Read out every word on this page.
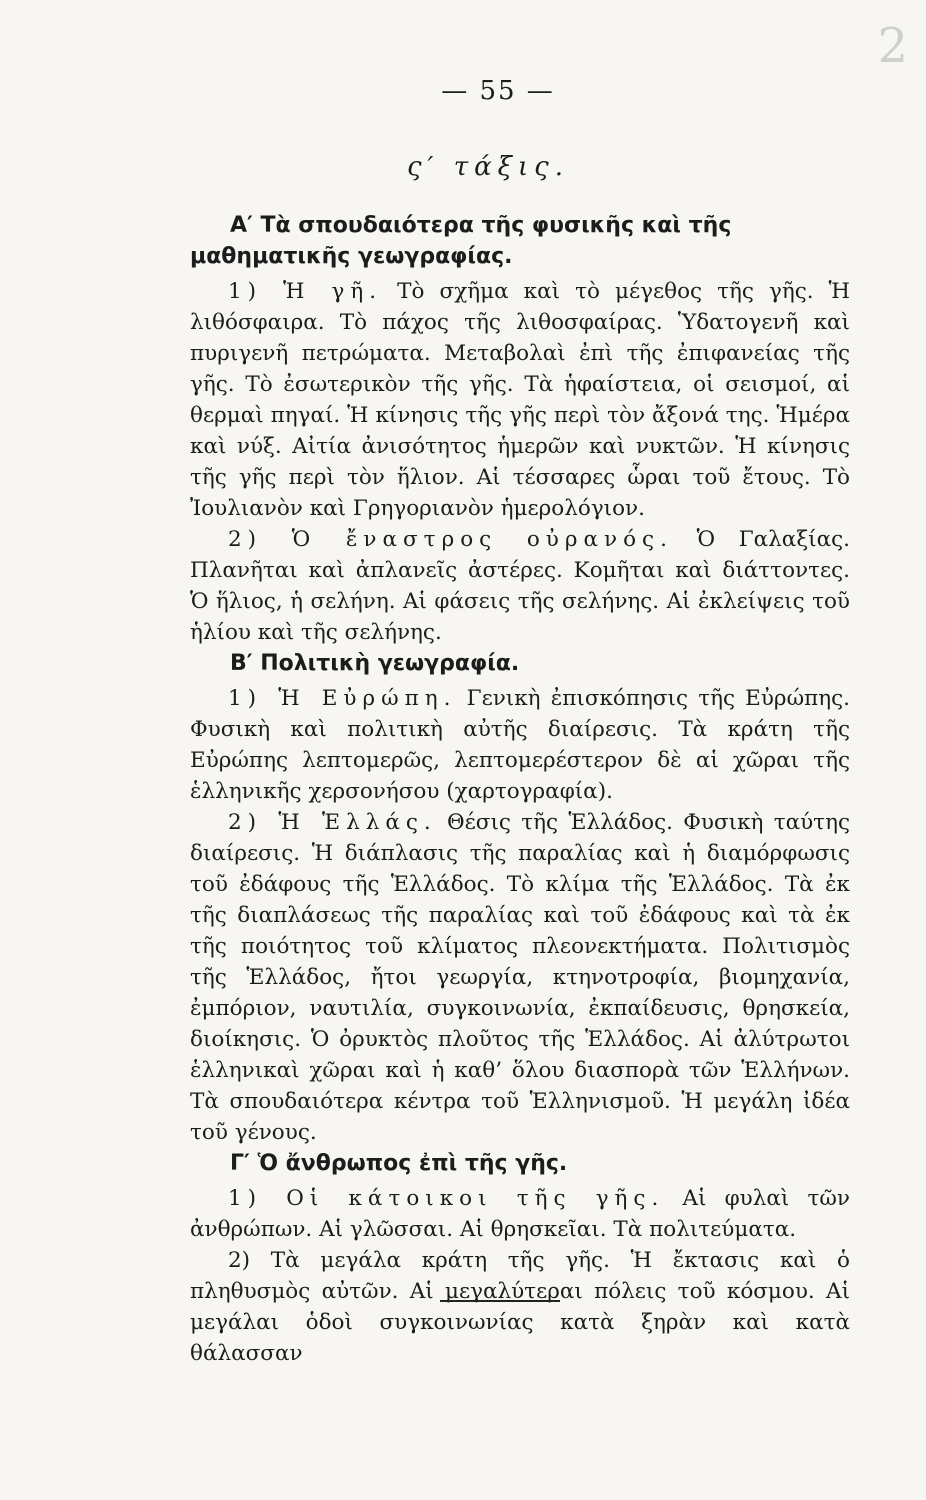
2
— 55 —
ς′ τάξις.
Α′ Τὰ σπουδαιότερα τῆς φυσικῆς καὶ τῆς μαθηματικῆς γεωγραφίας.

1) Ἡ γῆ. Τὸ σχῆμα καὶ τὸ μέγεθος τῆς γῆς. Ἡ λιθόσφαιρα. Τὸ πάχος τῆς λιθοσφαίρας. Ὑδατογενῆ καὶ πυριγενῆ πετρώματα. Μεταβολαὶ ἐπὶ τῆς ἐπιφανείας τῆς γῆς. Τὸ ἐσωτερικὸν τῆς γῆς. Τὰ ἡφαίστεια, οἱ σεισμοί, αἱ θερμαὶ πηγαί. Ἡ κίνησις τῆς γῆς περὶ τὸν ἄξονά της. Ἡμέρα καὶ νύξ. Αἰτία ἀνισότητος ἡμερῶν καὶ νυκτῶν. Ἡ κίνησις τῆς γῆς περὶ τὸν ἥλιον. Αἱ τέσσαρες ὧραι τοῦ ἔτους. Τὸ Ἰουλιανὸν καὶ Γρηγοριανὸν ἡμερολόγιον.

2) Ὁ ἔναστρος οὐρανός. Ὁ Γαλαξίας. Πλανῆται καὶ ἀπλανεῖς ἀστέρες. Κομῆται καὶ διάττοντες. Ὁ ἥλιος, ἡ σελήνη. Αἱ φάσεις τῆς σελήνης. Αἱ ἐκλείψεις τοῦ ἡλίου καὶ τῆς σελήνης.

Β′ Πολιτικὴ γεωγραφία.

1) Ἡ Εὐρώπη. Γενικὴ ἐπισκόπησις τῆς Εὐρώπης. Φυσικὴ καὶ πολιτικὴ αὐτῆς διαίρεσις. Τὰ κράτη τῆς Εὐρώπης λεπτομερῶς, λεπτομερέστερον δὲ αἱ χῶραι τῆς ἑλληνικῆς χερσονήσου (χαρτογραφία).

2) Ἡ Ἑλλάς. Θέσις τῆς Ἑλλάδος. Φυσικὴ ταύτης διαίρεσις. Ἡ διάπλασις τῆς παραλίας καὶ ἡ διαμόρφωσις τοῦ ἐδάφους τῆς Ἑλλάδος. Τὸ κλίμα τῆς Ἑλλάδος. Τὰ ἐκ τῆς διαπλάσεως τῆς παραλίας καὶ τοῦ ἐδάφους καὶ τὰ ἐκ τῆς ποιότητος τοῦ κλίματος πλεονεκτήματα. Πολιτισμὸς τῆς Ἑλλάδος, ἤτοι γεωργία, κτηνοτροφία, βιομηχανία, ἐμπόριον, ναυτιλία, συγκοινωνία, ἐκπαίδευσις, θρησκεία, διοίκησις. Ὁ ὀρυκτὸς πλοῦτος τῆς Ἑλλάδος. Αἱ ἀλύτρωτοι ἑλληνικαὶ χῶραι καὶ ἡ καθ’ ὅλου διασπορὰ τῶν Ἑλλήνων. Τὰ σπουδαιότερα κέντρα τοῦ Ἑλληνισμοῦ. Ἡ μεγάλη ἰδέα τοῦ γένους.

Γ′ Ὁ ἄνθρωπος ἐπὶ τῆς γῆς.

1) Οἱ κάτοικοι τῆς γῆς. Αἱ φυλαὶ τῶν ἀνθρώπων. Αἱ γλῶσσαι. Αἱ θρησκεῖαι. Τὰ πολιτεύματα.

2) Τὰ μεγάλα κράτη τῆς γῆς. Ἡ ἔκτασις καὶ ὁ πληθυσμὸς αὐτῶν. Αἱ μεγαλύτεραι πόλεις τοῦ κόσμου. Αἱ μεγάλαι ὁδοὶ συγκοινωνίας κατὰ ξηρὰν καὶ κατὰ θάλασσαν
